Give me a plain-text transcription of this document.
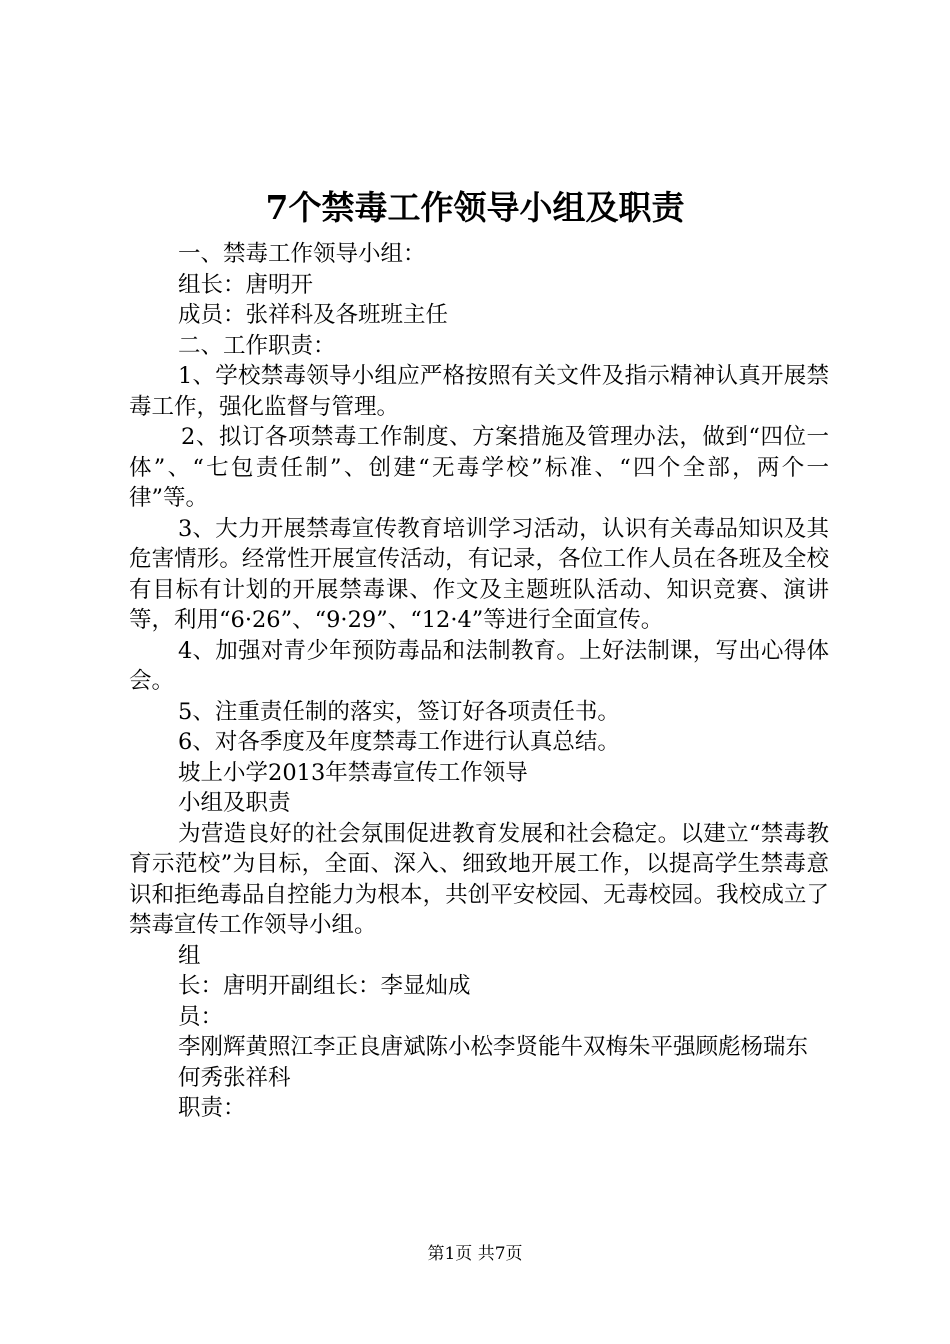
7个禁毒工作领导小组及职责

一、禁毒工作领导小组：

组长：唐明开

成员：张祥科及各班班主任

二、工作职责：

1、学校禁毒领导小组应严格按照有关文件及指示精神认真开展禁毒工作，强化监督与管理。

2、拟订各项禁毒工作制度、方案措施及管理办法，做到“四位一体”、“七包责任制”、创建“无毒学校”标准、“四个全部，两个一律”等。

3、大力开展禁毒宣传教育培训学习活动，认识有关毒品知识及其危害情形。经常性开展宣传活动，有记录，各位工作人员在各班及全校有目标有计划的开展禁毒课、作文及主题班队活动、知识竞赛、演讲等，利用“6·26”、“9·29”、“12·4”等进行全面宣传。

4、加强对青少年预防毒品和法制教育。上好法制课，写出心得体会。

5、注重责任制的落实，签订好各项责任书。

6、对各季度及年度禁毒工作进行认真总结。

坡上小学2013年禁毒宣传工作领导

小组及职责

为营造良好的社会氛围促进教育发展和社会稳定。以建立“禁毒教育示范校”为目标，全面、深入、细致地开展工作，以提高学生禁毒意识和拒绝毒品自控能力为根本，共创平安校园、无毒校园。我校成立了禁毒宣传工作领导小组。

组

长：唐明开副组长：李显灿成

员：

李刚辉黄照江李正良唐斌陈小松李贤能牛双梅朱平强顾彪杨瑞东

何秀张祥科

职责：

第1页 共7页
